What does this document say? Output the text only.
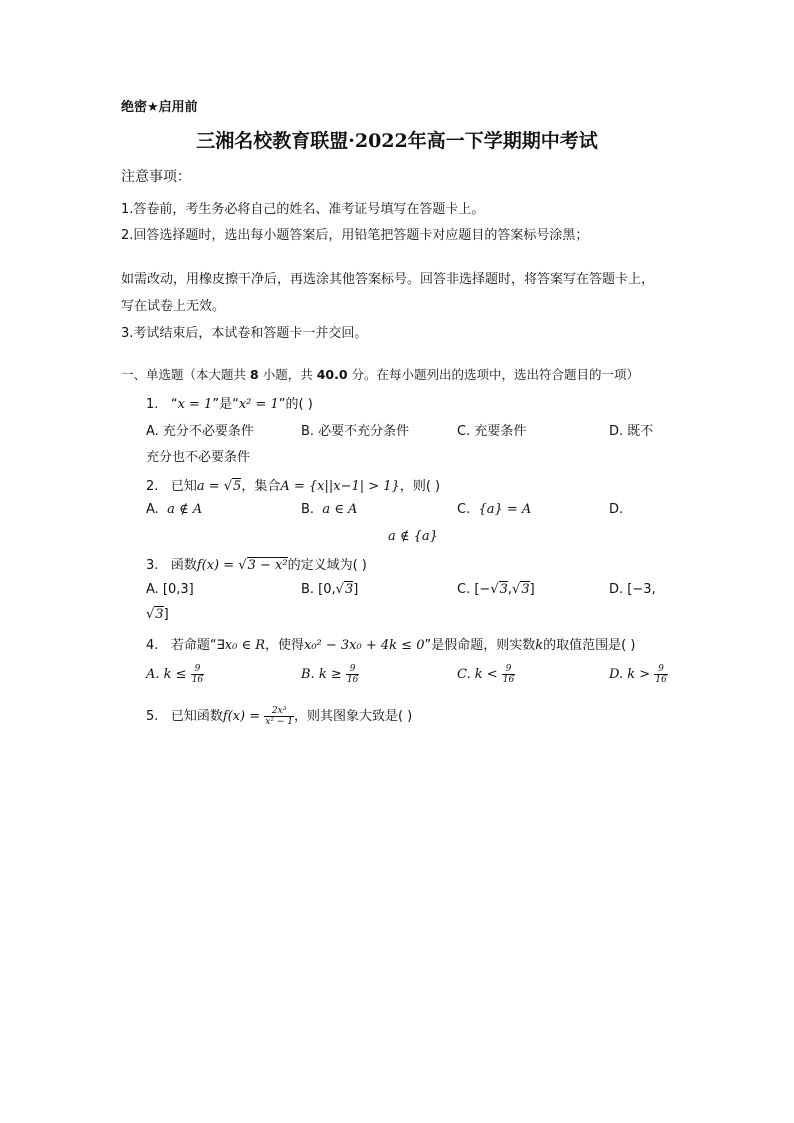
绝密★启用前
三湘名校教育联盟·2022年高一下学期期中考试
注意事项：
1.答卷前，考生务必将自己的姓名、准考证号填写在答题卡上。
2.回答选择题时，选出每小题答案后，用铅笔把答题卡对应题目的答案标号涂黑；
如需改动，用橡皮擦干净后，再选涂其他答案标号。回答非选择题时，将答案写在答题卡上，
写在试卷上无效。
3.考试结束后，本试卷和答题卡一并交回。
一、单选题（本大题共 8 小题，共 40.0 分。在每小题列出的选项中，选出符合题目的一项）
1. “x = 1”是“x² = 1”的( )
A. 充分不必要条件	B. 必要不充分条件	C. 充要条件	D. 既不
充分也不必要条件
2. 已知a = √5，集合A = {x||x−1| > 1}，则( )
A. a ∉ A	B. a ∈ A	C. {a} = A	D.
a ∉ {a}
3. 函数f(x) = √3 − x²的定义域为( )
A. [0,3]	B. [0,√3]	C. [−√3,√3]	D. [−3,
√3]
4. 若命题“∃x₀ ∈ R，使得x₀² − 3x₀ + 4k ≤ 0”是假命题，则实数k的取值范围是( )
A. $k \le \frac{9}{16}$	B. $k \ge \frac{9}{16}$	C. $k < \frac{9}{16}$	D. $k > \frac{9}{16}$
5. 已知函数$f(x) = \frac{\text{2x³}}{\text{x² − 1}}$ ，则其图象大致是( )
